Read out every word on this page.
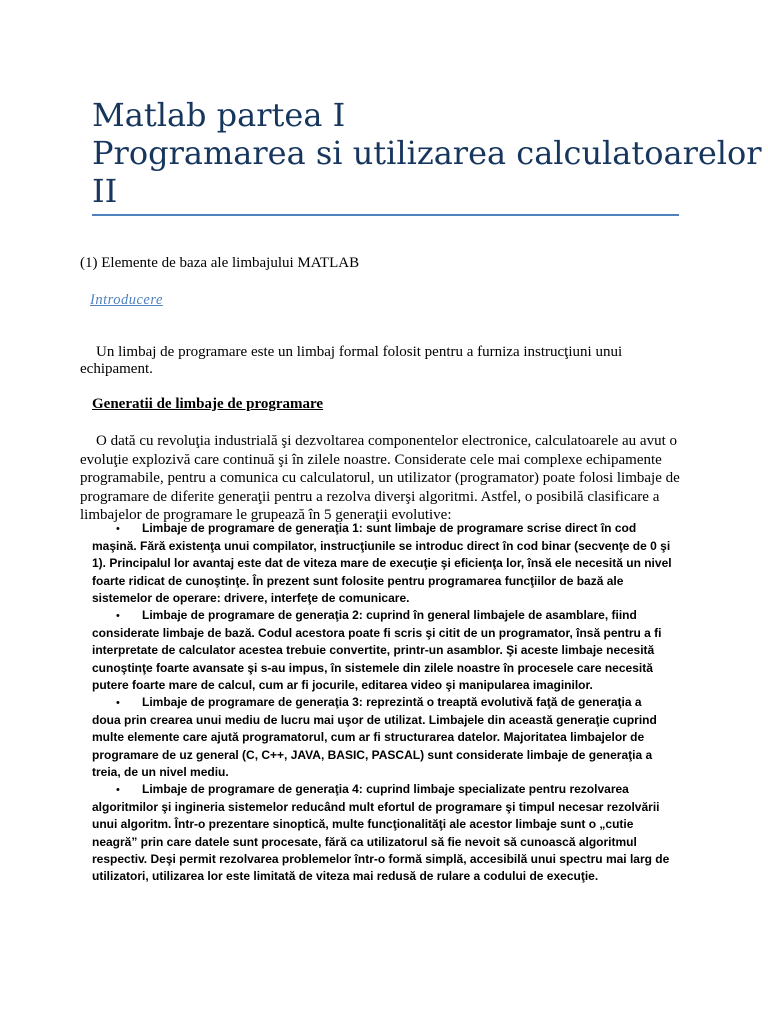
Matlab partea I
Programarea si utilizarea calculatoarelor
II
(1) Elemente de baza ale limbajului MATLAB
Introducere

Un limbaj de programare este un limbaj formal folosit pentru a furniza instrucţiuni unui echipament.

Generatii de limbaje de programare

O dată cu revoluţia industrială şi dezvoltarea componentelor electronice, calculatoarele au avut o evoluţie explozivă care continuă şi în zilele noastre. Considerate cele mai complexe echipamente programabile, pentru a comunica cu calculatorul, un utilizator (programator) poate folosi limbaje de programare de diferite generaţii pentru a rezolva diverşi algoritmi. Astfel, o posibilă clasificare a limbajelor de programare le grupează în 5 generaţii evolutive:

• Limbaje de programare de generaţia 1: sunt limbaje de programare scrise direct în cod maşină. Fără existenţa unui compilator, instrucţiunile se introduc direct în cod binar (secvenţe de 0 şi 1). Principalul lor avantaj este dat de viteza mare de execuţie şi eficienţa lor, însă ele necesită un nivel foarte ridicat de cunoştinţe. În prezent sunt folosite pentru programarea funcţiilor de bază ale sistemelor de operare: drivere, interfeţe de comunicare.
• Limbaje de programare de generaţia 2: cuprind în general limbajele de asamblare, fiind considerate limbaje de bază. Codul acestora poate fi scris şi citit de un programator, însă pentru a fi interpretate de calculator acestea trebuie convertite, printr-un asamblor. Şi aceste limbaje necesită cunoştinţe foarte avansate şi s-au impus, în sistemele din zilele noastre în procesele care necesită putere foarte mare de calcul, cum ar fi jocurile, editarea video şi manipularea imaginilor.
• Limbaje de programare de generaţia 3: reprezintă o treaptă evolutivă faţă de generaţia a doua prin crearea unui mediu de lucru mai uşor de utilizat. Limbajele din această generaţie cuprind multe elemente care ajută programatorul, cum ar fi structurarea datelor. Majoritatea limbajelor de programare de uz general (C, C++, JAVA, BASIC, PASCAL) sunt considerate limbaje de generaţia a treia, de un nivel mediu.
• Limbaje de programare de generaţia 4: cuprind limbaje specializate pentru rezolvarea algoritmilor şi ingineria sistemelor reducând mult efortul de programare şi timpul necesar rezolvării unui algoritm. Într-o prezentare sinoptică, multe funcţionalităţi ale acestor limbaje sunt o „cutie neagră” prin care datele sunt procesate, fără ca utilizatorul să fie nevoit să cunoască algoritmul respectiv. Deşi permit rezolvarea problemelor într-o formă simplă, accesibilă unui spectru mai larg de utilizatori, utilizarea lor este limitată de viteza mai redusă de rulare a codului de execuţie.
